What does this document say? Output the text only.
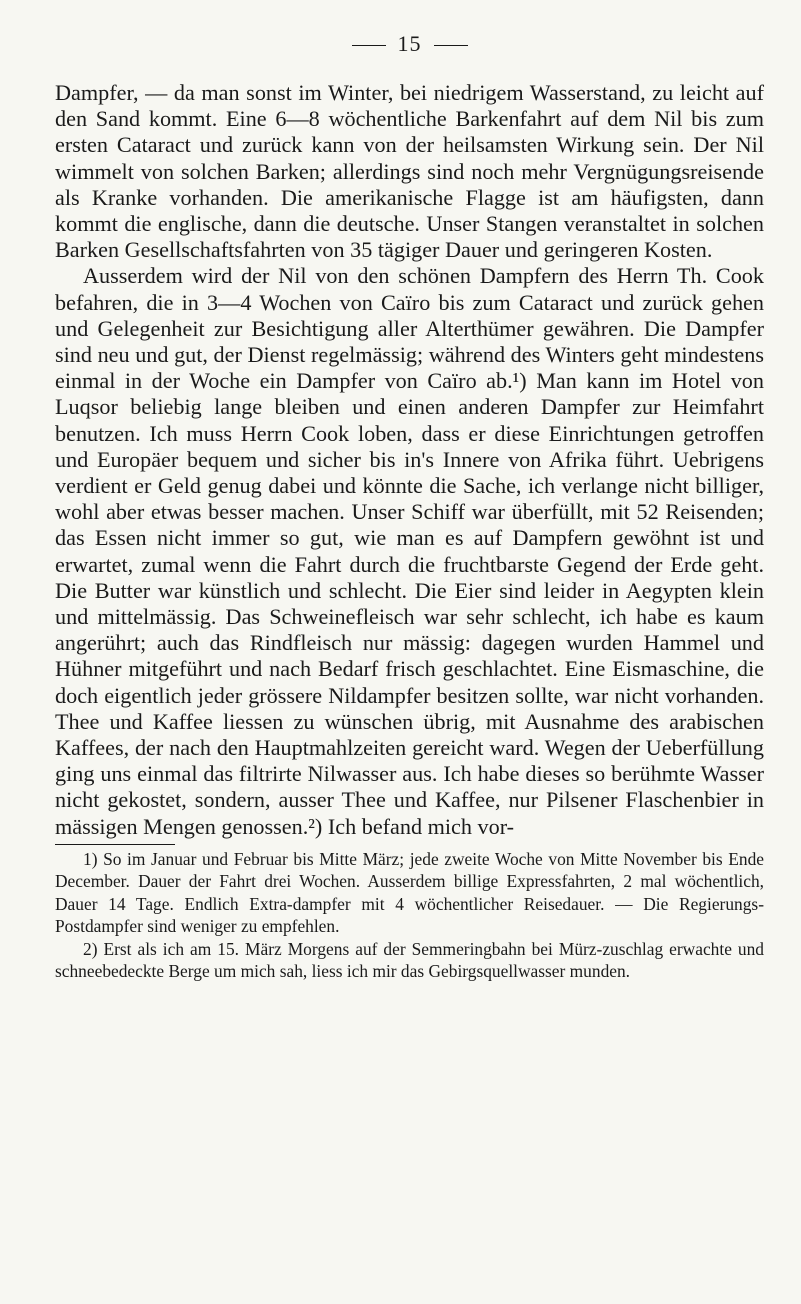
15

Dampfer, — da man sonst im Winter, bei niedrigem Wasserstand, zu leicht auf den Sand kommt. Eine 6—8 wöchentliche Barkenfahrt auf dem Nil bis zum ersten Cataract und zurück kann von der heilsamsten Wirkung sein. Der Nil wimmelt von solchen Barken; allerdings sind noch mehr Vergnügungsreisende als Kranke vorhanden. Die amerikanische Flagge ist am häufigsten, dann kommt die englische, dann die deutsche. Unser Stangen veranstaltet in solchen Barken Gesellschaftsfahrten von 35 tägiger Dauer und geringeren Kosten.

Ausserdem wird der Nil von den schönen Dampfern des Herrn Th. Cook befahren, die in 3—4 Wochen von Caïro bis zum Cataract und zurück gehen und Gelegenheit zur Besichtigung aller Alterthümer gewähren. Die Dampfer sind neu und gut, der Dienst regelmässig; während des Winters geht mindestens einmal in der Woche ein Dampfer von Caïro ab.¹) Man kann im Hotel von Luqsor beliebig lange bleiben und einen anderen Dampfer zur Heimfahrt benutzen. Ich muss Herrn Cook loben, dass er diese Einrichtungen getroffen und Europäer bequem und sicher bis in's Innere von Afrika führt. Uebrigens verdient er Geld genug dabei und könnte die Sache, ich verlange nicht billiger, wohl aber etwas besser machen. Unser Schiff war überfüllt, mit 52 Reisenden; das Essen nicht immer so gut, wie man es auf Dampfern gewöhnt ist und erwartet, zumal wenn die Fahrt durch die fruchtbarste Gegend der Erde geht. Die Butter war künstlich und schlecht. Die Eier sind leider in Aegypten klein und mittelmässig. Das Schweinefleisch war sehr schlecht, ich habe es kaum angerührt; auch das Rindfleisch nur mässig: dagegen wurden Hammel und Hühner mitgeführt und nach Bedarf frisch geschlachtet. Eine Eismaschine, die doch eigentlich jeder grössere Nildampfer besitzen sollte, war nicht vorhanden. Thee und Kaffee liessen zu wünschen übrig, mit Ausnahme des arabischen Kaffees, der nach den Hauptmahlzeiten gereicht ward. Wegen der Ueberfüllung ging uns einmal das filtrirte Nilwasser aus. Ich habe dieses so berühmte Wasser nicht gekostet, sondern, ausser Thee und Kaffee, nur Pilsener Flaschenbier in mässigen Mengen genossen.²) Ich befand mich vor-

1) So im Januar und Februar bis Mitte März; jede zweite Woche von Mitte November bis Ende December. Dauer der Fahrt drei Wochen. Ausserdem billige Expressfahrten, 2 mal wöchentlich, Dauer 14 Tage. Endlich Extra-dampfer mit 4 wöchentlicher Reisedauer. — Die Regierungs-Postdampfer sind weniger zu empfehlen.

2) Erst als ich am 15. März Morgens auf der Semmeringbahn bei Mürz-zuschlag erwachte und schneebedeckte Berge um mich sah, liess ich mir das Gebirgsquellwasser munden.
